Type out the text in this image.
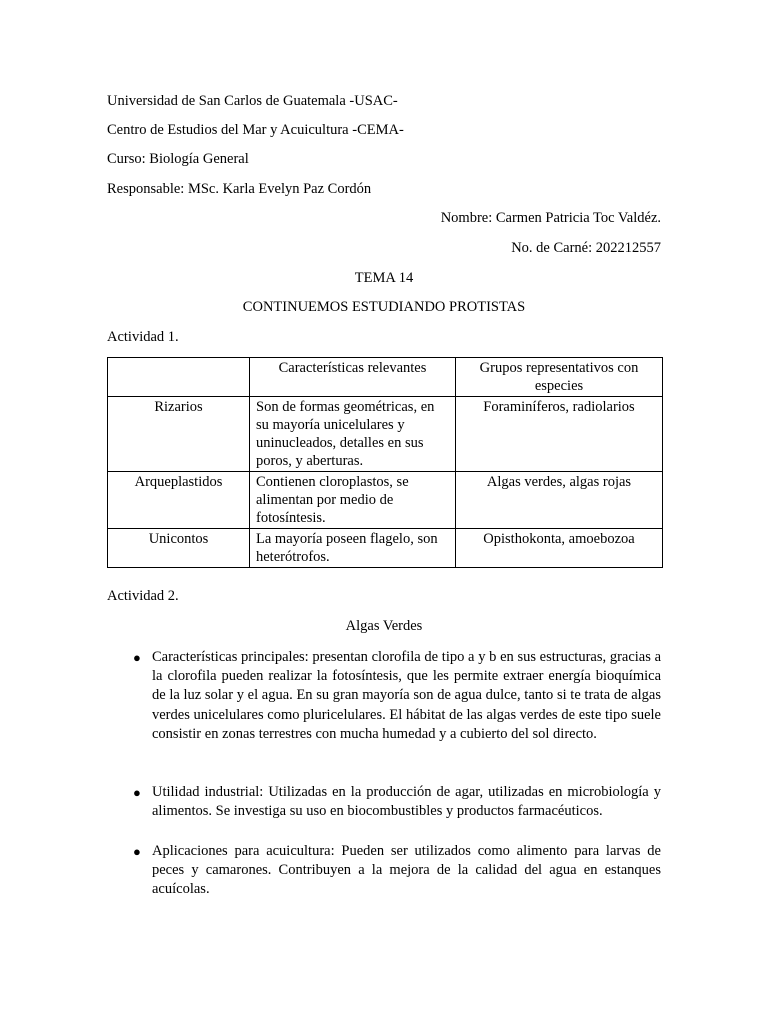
Universidad de San Carlos de Guatemala -USAC-
Centro de Estudios del Mar y Acuicultura -CEMA-
Curso: Biología General
Responsable: MSc. Karla Evelyn Paz Cordón
Nombre: Carmen Patricia Toc Valdéz.
No. de Carné: 202212557
TEMA 14
CONTINUEMOS ESTUDIANDO PROTISTAS
Actividad 1.
	Características relevantes	Grupos representativos con especies
Rizarios	Son de formas geométricas, en su mayoría unicelulares y uninucleados, detalles en sus poros, y aberturas.	Foraminíferos, radiolarios
Arqueplastidos	Contienen cloroplastos, se alimentan por medio de fotosíntesis.	Algas verdes, algas rojas
Unicontos	La mayoría poseen flagelo, son heterótrofos.	Opisthokonta, amoebozoa
Actividad 2.
Algas Verdes
● Características principales: presentan clorofila de tipo a y b en sus estructuras, gracias a la clorofila pueden realizar la fotosíntesis, que les permite extraer energía bioquímica de la luz solar y el agua. En su gran mayoría son de agua dulce, tanto si te trata de algas verdes unicelulares como pluricelulares. El hábitat de las algas verdes de este tipo suele consistir en zonas terrestres con mucha humedad y a cubierto del sol directo.
● Utilidad industrial: Utilizadas en la producción de agar, utilizadas en microbiología y alimentos. Se investiga su uso en biocombustibles y productos farmacéuticos.
● Aplicaciones para acuicultura: Pueden ser utilizados como alimento para larvas de peces y camarones. Contribuyen a la mejora de la calidad del agua en estanques acuícolas.
